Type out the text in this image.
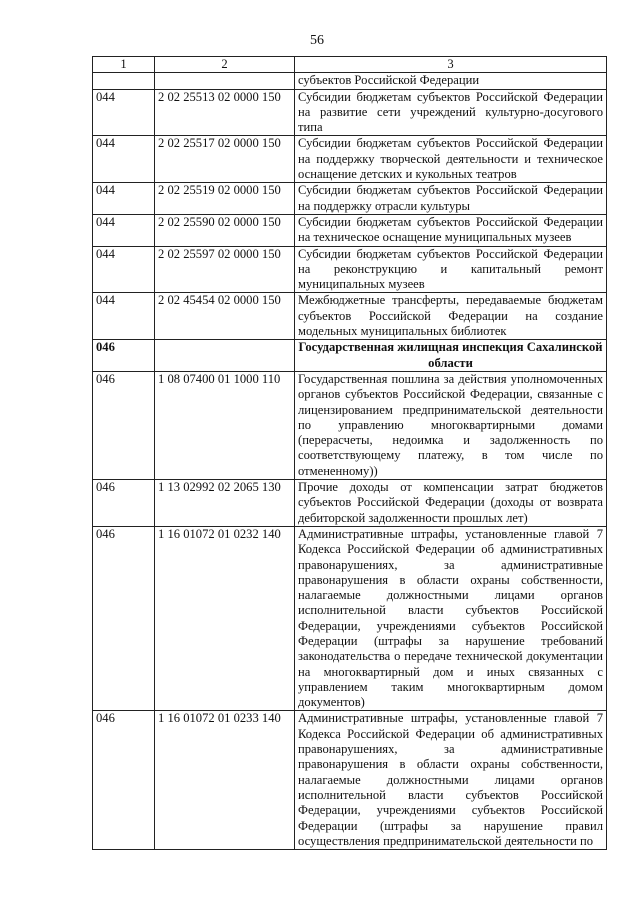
56
1	2	3
		субъектов Российской Федерации
044	2 02 25513 02 0000 150	Субсидии бюджетам субъектов Российской Федерации на развитие сети учреждений культурно-досугового типа
044	2 02 25517 02 0000 150	Субсидии бюджетам субъектов Российской Федерации на поддержку творческой деятельности и техническое оснащение детских и кукольных театров
044	2 02 25519 02 0000 150	Субсидии бюджетам субъектов Российской Федерации на поддержку отрасли культуры
044	2 02 25590 02 0000 150	Субсидии бюджетам субъектов Российской Федерации на техническое оснащение муниципальных музеев
044	2 02 25597 02 0000 150	Субсидии бюджетам субъектов Российской Федерации на реконструкцию и капитальный ремонт муниципальных музеев
044	2 02 45454 02 0000 150	Межбюджетные трансферты, передаваемые бюджетам субъектов Российской Федерации на создание модельных муниципальных библиотек
046		Государственная жилищная инспекция Сахалинской области
046	1 08 07400 01 1000 110	Государственная пошлина за действия уполномоченных органов субъектов Российской Федерации, связанные с лицензированием предпринимательской деятельности по управлению многоквартирными домами (перерасчеты, недоимка и задолженность по соответствующему платежу, в том числе по отмененному))
046	1 13 02992 02 2065 130	Прочие доходы от компенсации затрат бюджетов субъектов Российской Федерации (доходы от возврата дебиторской задолженности прошлых лет)
046	1 16 01072 01 0232 140	Административные штрафы, установленные главой 7 Кодекса Российской Федерации об административных правонарушениях, за административные правонарушения в области охраны собственности, налагаемые должностными лицами органов исполнительной власти субъектов Российской Федерации, учреждениями субъектов Российской Федерации (штрафы за нарушение требований законодательства о передаче технической документации на многоквартирный дом и иных связанных с управлением таким многоквартирным домом документов)
046	1 16 01072 01 0233 140	Административные штрафы, установленные главой 7 Кодекса Российской Федерации об административных правонарушениях, за административные правонарушения в области охраны собственности, налагаемые должностными лицами органов исполнительной власти субъектов Российской Федерации, учреждениями субъектов Российской Федерации (штрафы за нарушение правил осуществления предпринимательской деятельности по
